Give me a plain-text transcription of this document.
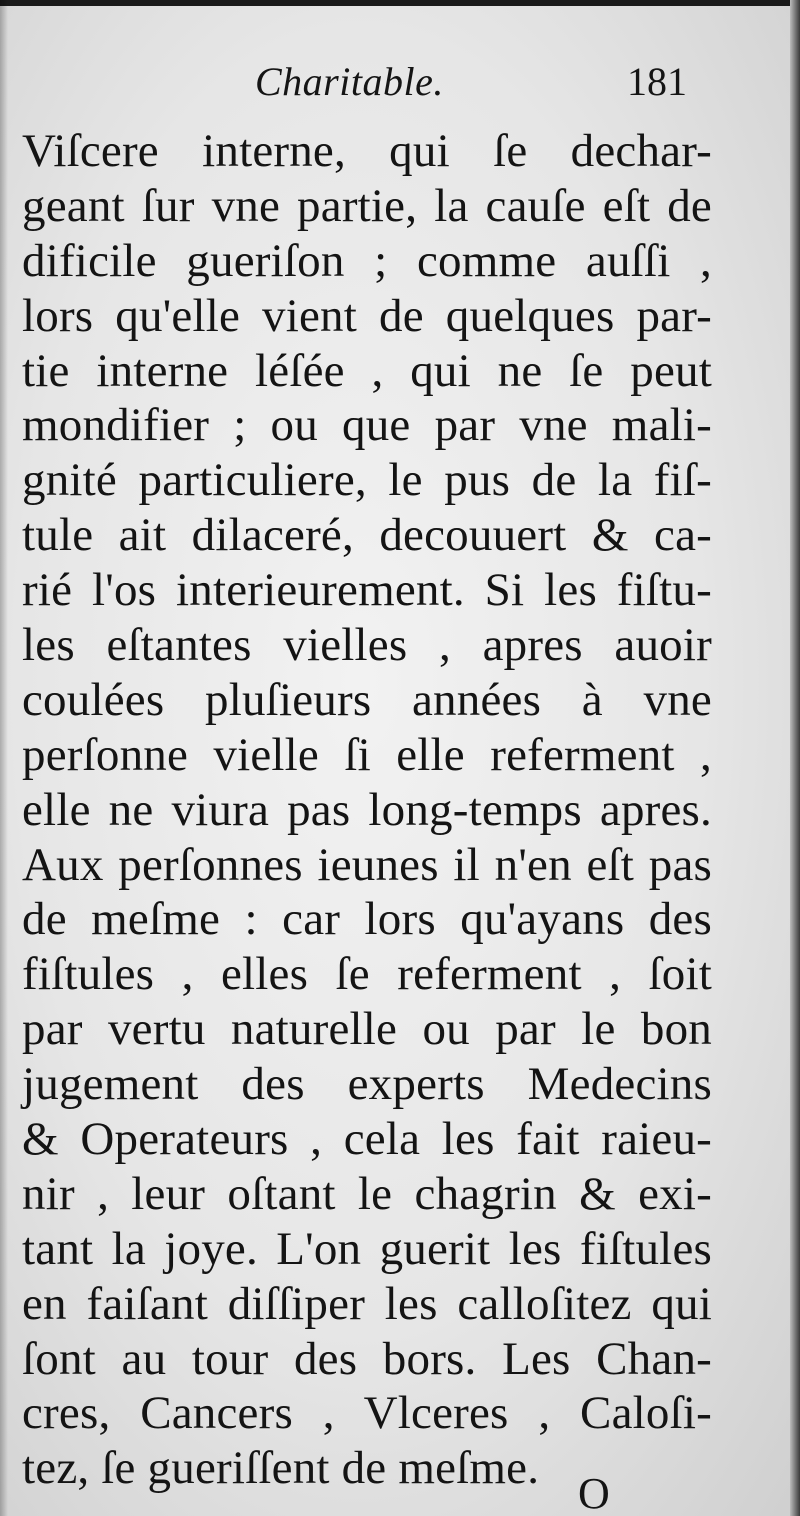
Charitable.	181
Viſcere interne, qui ſe dechar-
geant ſur vne partie, la cauſe eſt de
dificile gueriſon ; comme auſſi ,
lors qu'elle vient de quelques par-
tie interne léſée , qui ne ſe peut
mondifier ; ou que par vne mali-
gnité particuliere, le pus de la fiſ-
tule ait dilaceré, decouuert & ca-
rié l'os interieurement. Si les fiſtu-
les eſtantes vielles , apres auoir
coulées pluſieurs années à vne
perſonne vielle ſi elle referment ,
elle ne viura pas long-temps apres.
Aux perſonnes ieunes il n'en eſt pas
de meſme : car lors qu'ayans des
fiſtules , elles ſe referment , ſoit
par vertu naturelle ou par le bon
jugement des experts Medecins
& Operateurs , cela les fait raieu-
nir , leur oſtant le chagrin & exi-
tant la joye. L'on guerit les fiſtules
en faiſant diſſiper les calloſitez qui
ſont au tour des bors. Les Chan-
cres, Cancers , Vlceres , Caloſi-
tez, ſe gueriſſent de meſme. O
